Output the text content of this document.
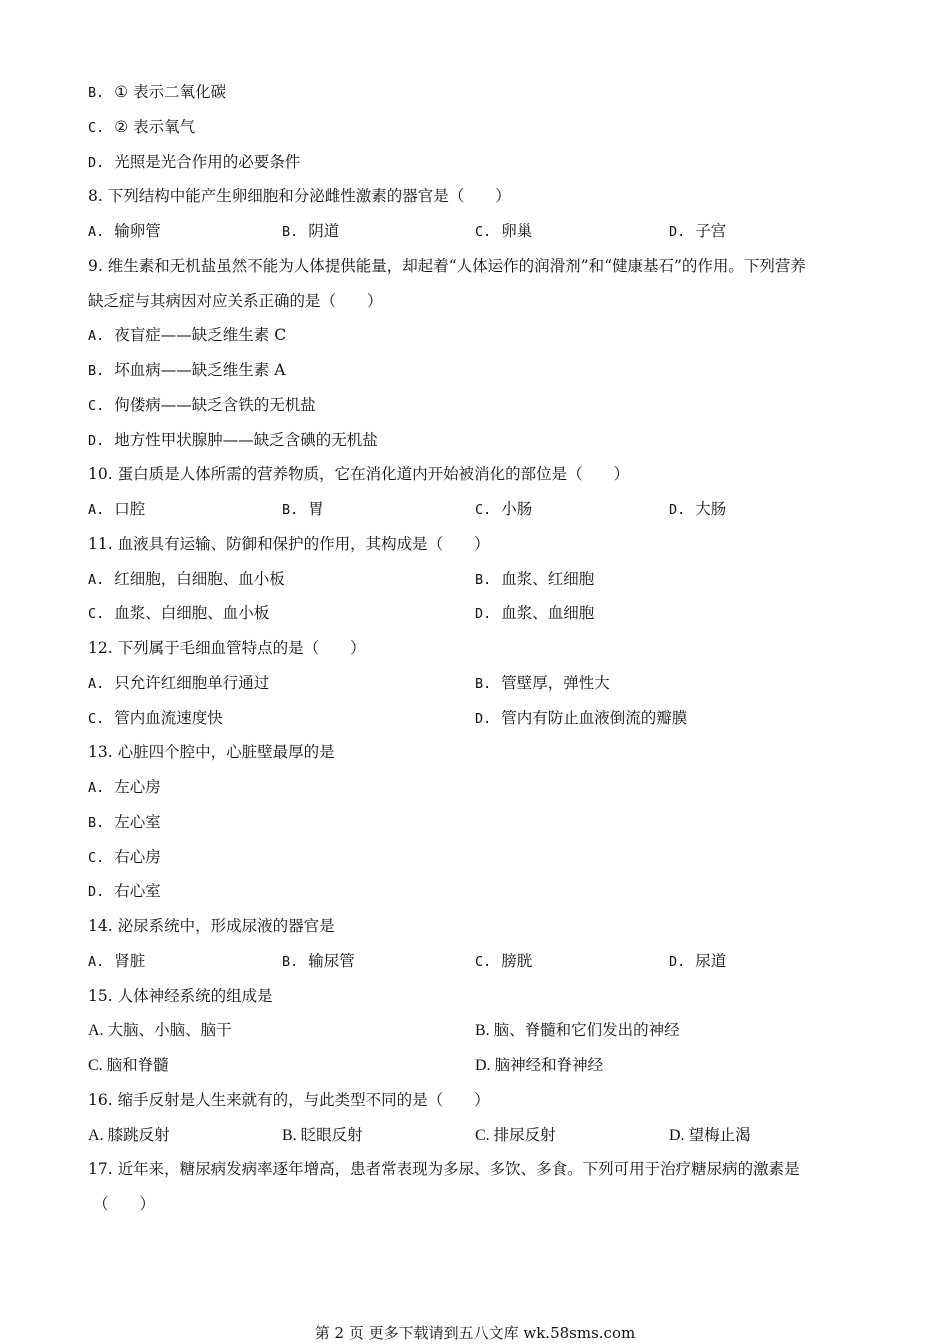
B. ① 表示二氧化碳
C. ② 表示氧气
D. 光照是光合作用的必要条件
8. 下列结构中能产生卵细胞和分泌雌性激素的器官是（　　）
A. 输卵管	B. 阴道	C. 卵巢	D. 子宫
9. 维生素和无机盐虽然不能为人体提供能量，却起着“人体运作的润滑剂”和“健康基石”的作用。下列营养
缺乏症与其病因对应关系正确的是（　　）
A. 夜盲症——缺乏维生素 C
B. 坏血病——缺乏维生素 A
C. 佝偻病——缺乏含铁的无机盐
D. 地方性甲状腺肿——缺乏含碘的无机盐
10. 蛋白质是人体所需的营养物质，它在消化道内开始被消化的部位是（　　）
A. 口腔	B. 胃	C. 小肠	D. 大肠
11. 血液具有运输、防御和保护的作用，其构成是（　　）
A. 红细胞，白细胞、血小板	B. 血浆、红细胞
C. 血浆、白细胞、血小板	D. 血浆、血细胞
12. 下列属于毛细血管特点的是（　　）
A. 只允许红细胞单行通过	B. 管壁厚，弹性大
C. 管内血流速度快	D. 管内有防止血液倒流的瓣膜
13. 心脏四个腔中，心脏壁最厚的是
A. 左心房
B. 左心室
C. 右心房
D. 右心室
14. 泌尿系统中，形成尿液的器官是
A. 肾脏	B. 输尿管	C. 膀胱	D. 尿道
15. 人体神经系统的组成是
A. 大脑、小脑、脑干	B. 脑、脊髓和它们发出的神经
C. 脑和脊髓	D. 脑神经和脊神经
16. 缩手反射是人生来就有的，与此类型不同的是（　　）
A. 膝跳反射	B. 眨眼反射	C. 排尿反射	D. 望梅止渴
17. 近年来，糖尿病发病率逐年增高，患者常表现为多尿、多饮、多食。下列可用于治疗糖尿病的激素是
（　　）
第 2 页 更多下载请到五八文库 wk.58sms.com
